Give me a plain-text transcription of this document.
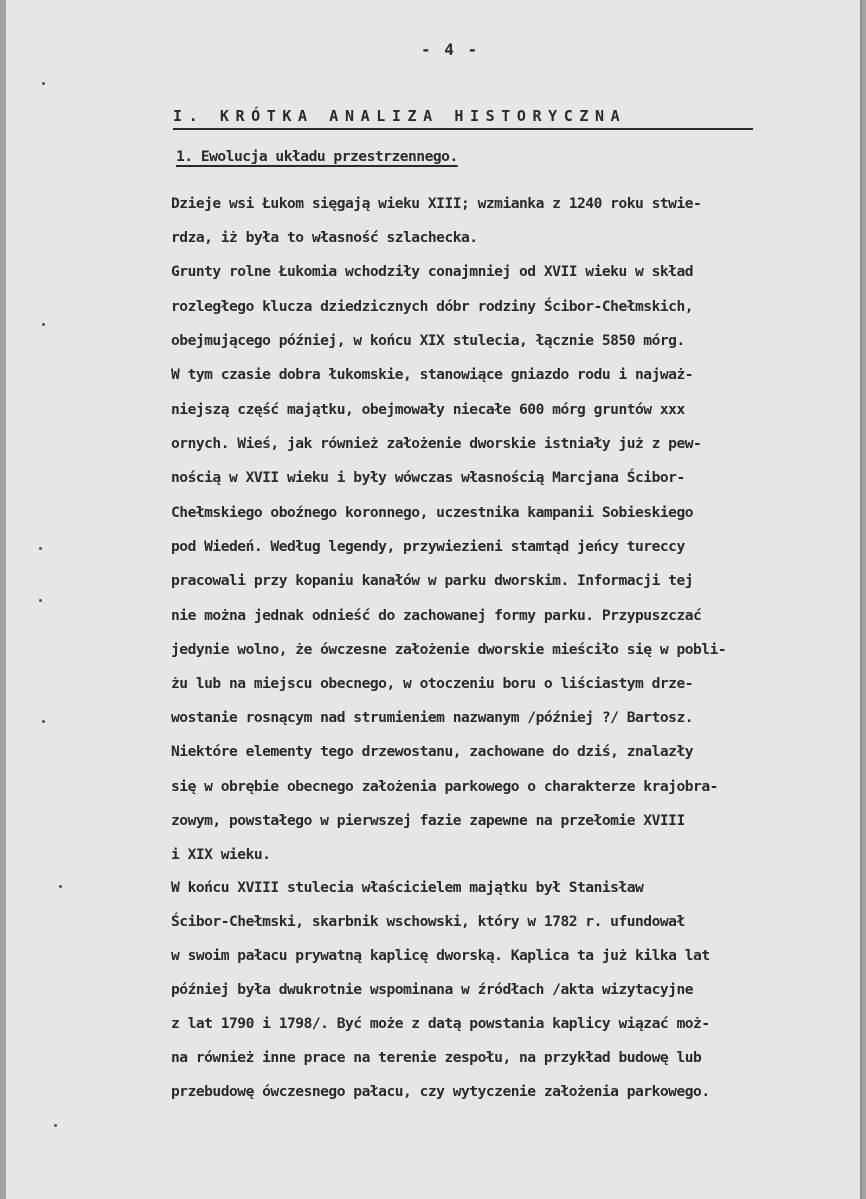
- 4 -
I. KRÓTKA ANALIZA HISTORYCZNA
1. Ewolucja układu przestrzennego.
Dzieje wsi Łukom sięgają wieku XIII; wzmianka z 1240 roku stwie-
rdza, iż była to własność szlachecka.
Grunty rolne Łukomia wchodziły conajmniej od XVII wieku w skład
rozległego klucza dziedzicznych dóbr rodziny Ścibor-Chełmskich,
obejmującego później, w końcu XIX stulecia, łącznie 5850 mórg.
W tym czasie dobra łukomskie, stanowiące gniazdo rodu i najważ-
niejszą część majątku, obejmowały niecałe 600 mórg gruntów xxx
ornych. Wieś, jak również założenie dworskie istniały już z pew-
nością w XVII wieku i były wówczas własnością Marcjana Ścibor-
Chełmskiego oboźnego koronnego, uczestnika kampanii Sobieskiego
pod Wiedeń. Według legendy, przywiezieni stamtąd jeńcy tureccy
pracowali przy kopaniu kanałów w parku dworskim. Informacji tej
nie można jednak odnieść do zachowanej formy parku. Przypuszczać
jedynie wolno, że ówczesne założenie dworskie mieściło się w pobli-
żu lub na miejscu obecnego, w otoczeniu boru o liściastym drze-
wostanie rosnącym nad strumieniem nazwanym /później ?/ Bartosz.
Niektóre elementy tego drzewostanu, zachowane do dziś, znalazły
się w obrębie obecnego założenia parkowego o charakterze krajobra-
zowym, powstałego w pierwszej fazie zapewne na przełomie XVIII
i XIX wieku.
W końcu XVIII stulecia właścicielem majątku był Stanisław
Ścibor-Chełmski, skarbnik wschowski, który w 1782 r. ufundował
w swoim pałacu prywatną kaplicę dworską. Kaplica ta już kilka lat
później była dwukrotnie wspominana w źródłach /akta wizytacyjne
z lat 1790 i 1798/. Być może z datą powstania kaplicy wiązać moż-
na również inne prace na terenie zespołu, na przykład budowę lub
przebudowę ówczesnego pałacu, czy wytyczenie założenia parkowego.
